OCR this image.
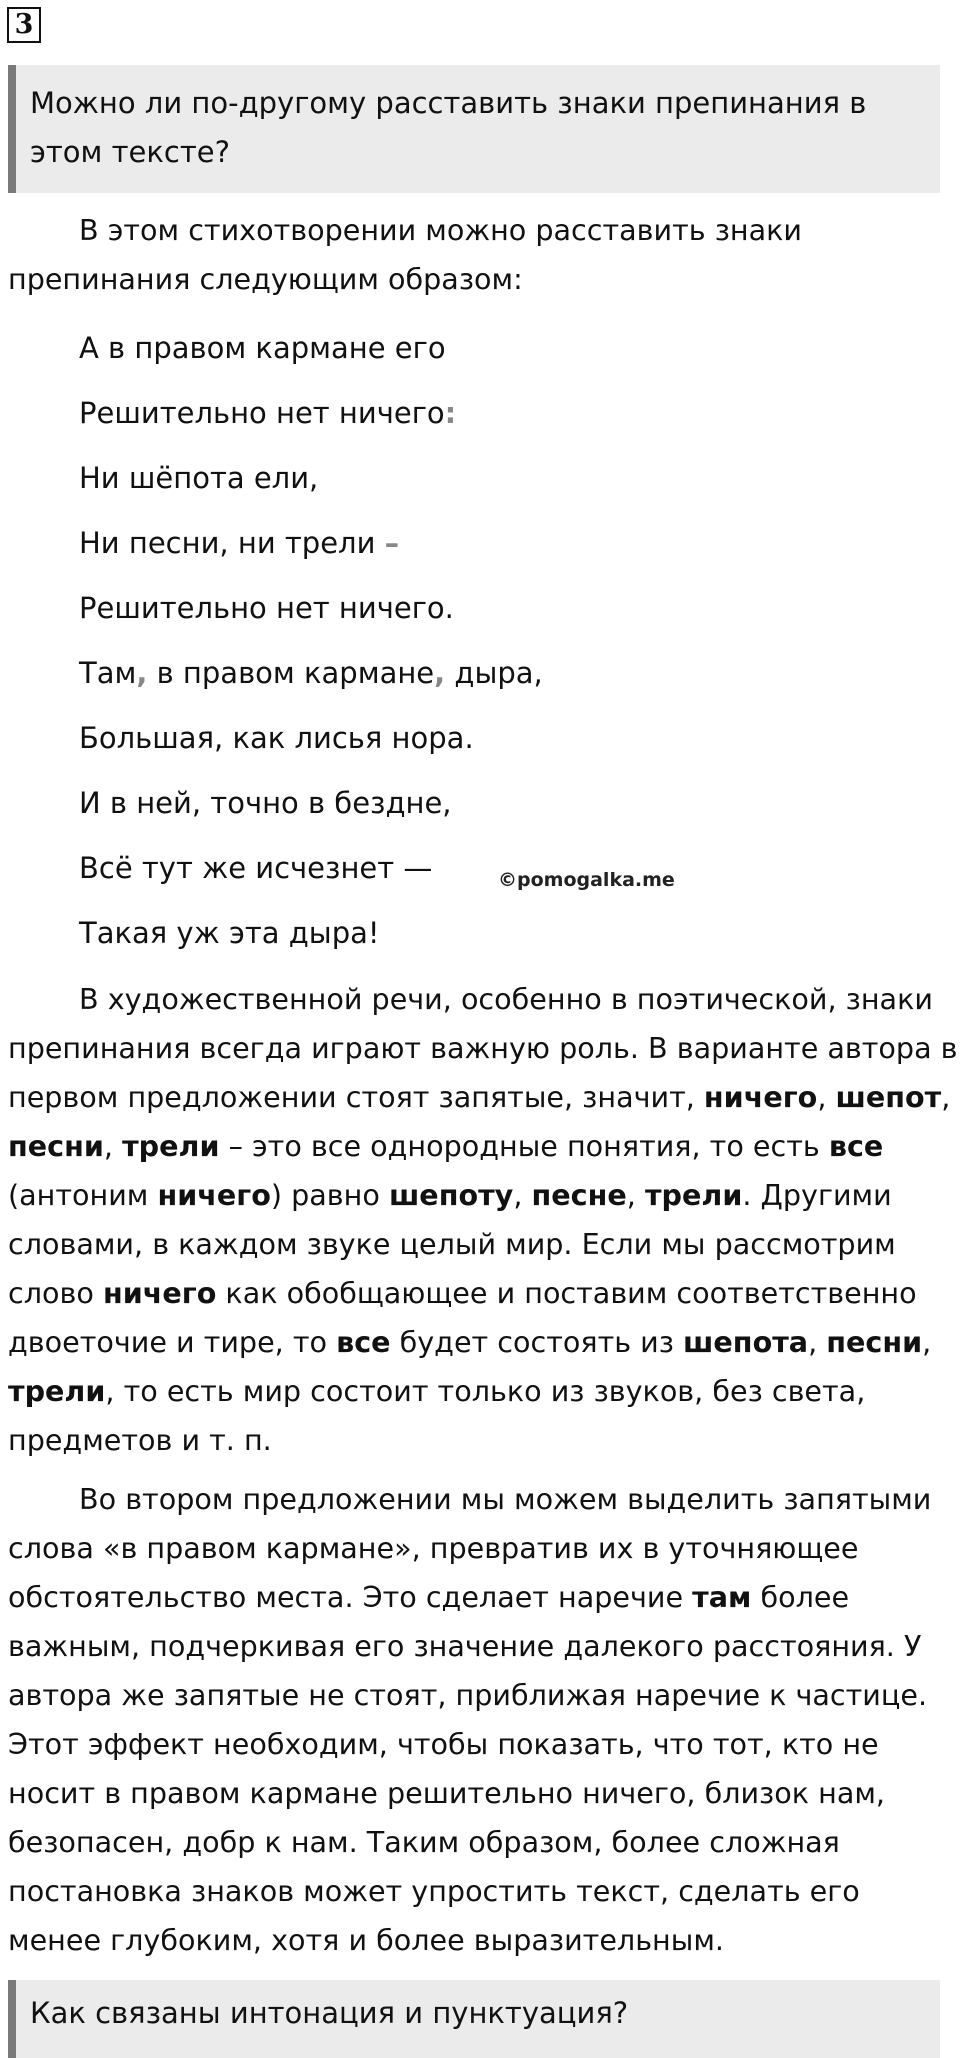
3
Можно ли по-другому расставить знаки препинания в этом тексте?

В этом стихотворении можно расставить знаки препинания следующим образом:

А в правом кармане его
Решительно нет ничего:
Ни шёпота ели,
Ни песни, ни трели –
Решительно нет ничего.
Там, в правом кармане, дыра,
Большая, как лисья нора.
И в ней, точно в бездне,
Всё тут же исчезнет —
Такая уж эта дыра!
©pomogalka.me

В художественной речи, особенно в поэтической, знаки препинания всегда играют важную роль. В варианте автора в первом предложении стоят запятые, значит, ничего, шепот, песни, трели – это все однородные понятия, то есть все (антоним ничего) равно шепоту, песне, трели. Другими словами, в каждом звуке целый мир. Если мы рассмотрим слово ничего как обобщающее и поставим соответственно двоеточие и тире, то все будет состоять из шепота, песни, трели, то есть мир состоит только из звуков, без света, предметов и т. п.

Во втором предложении мы можем выделить запятыми слова «в правом кармане», превратив их в уточняющее обстоятельство места. Это сделает наречие там более важным, подчеркивая его значение далекого расстояния. У автора же запятые не стоят, приближая наречие к частице. Этот эффект необходим, чтобы показать, что тот, кто не носит в правом кармане решительно ничего, близок нам, безопасен, добр к нам. Таким образом, более сложная постановка знаков может упростить текст, сделать его менее глубоким, хотя и более выразительным.

Как связаны интонация и пунктуация?
